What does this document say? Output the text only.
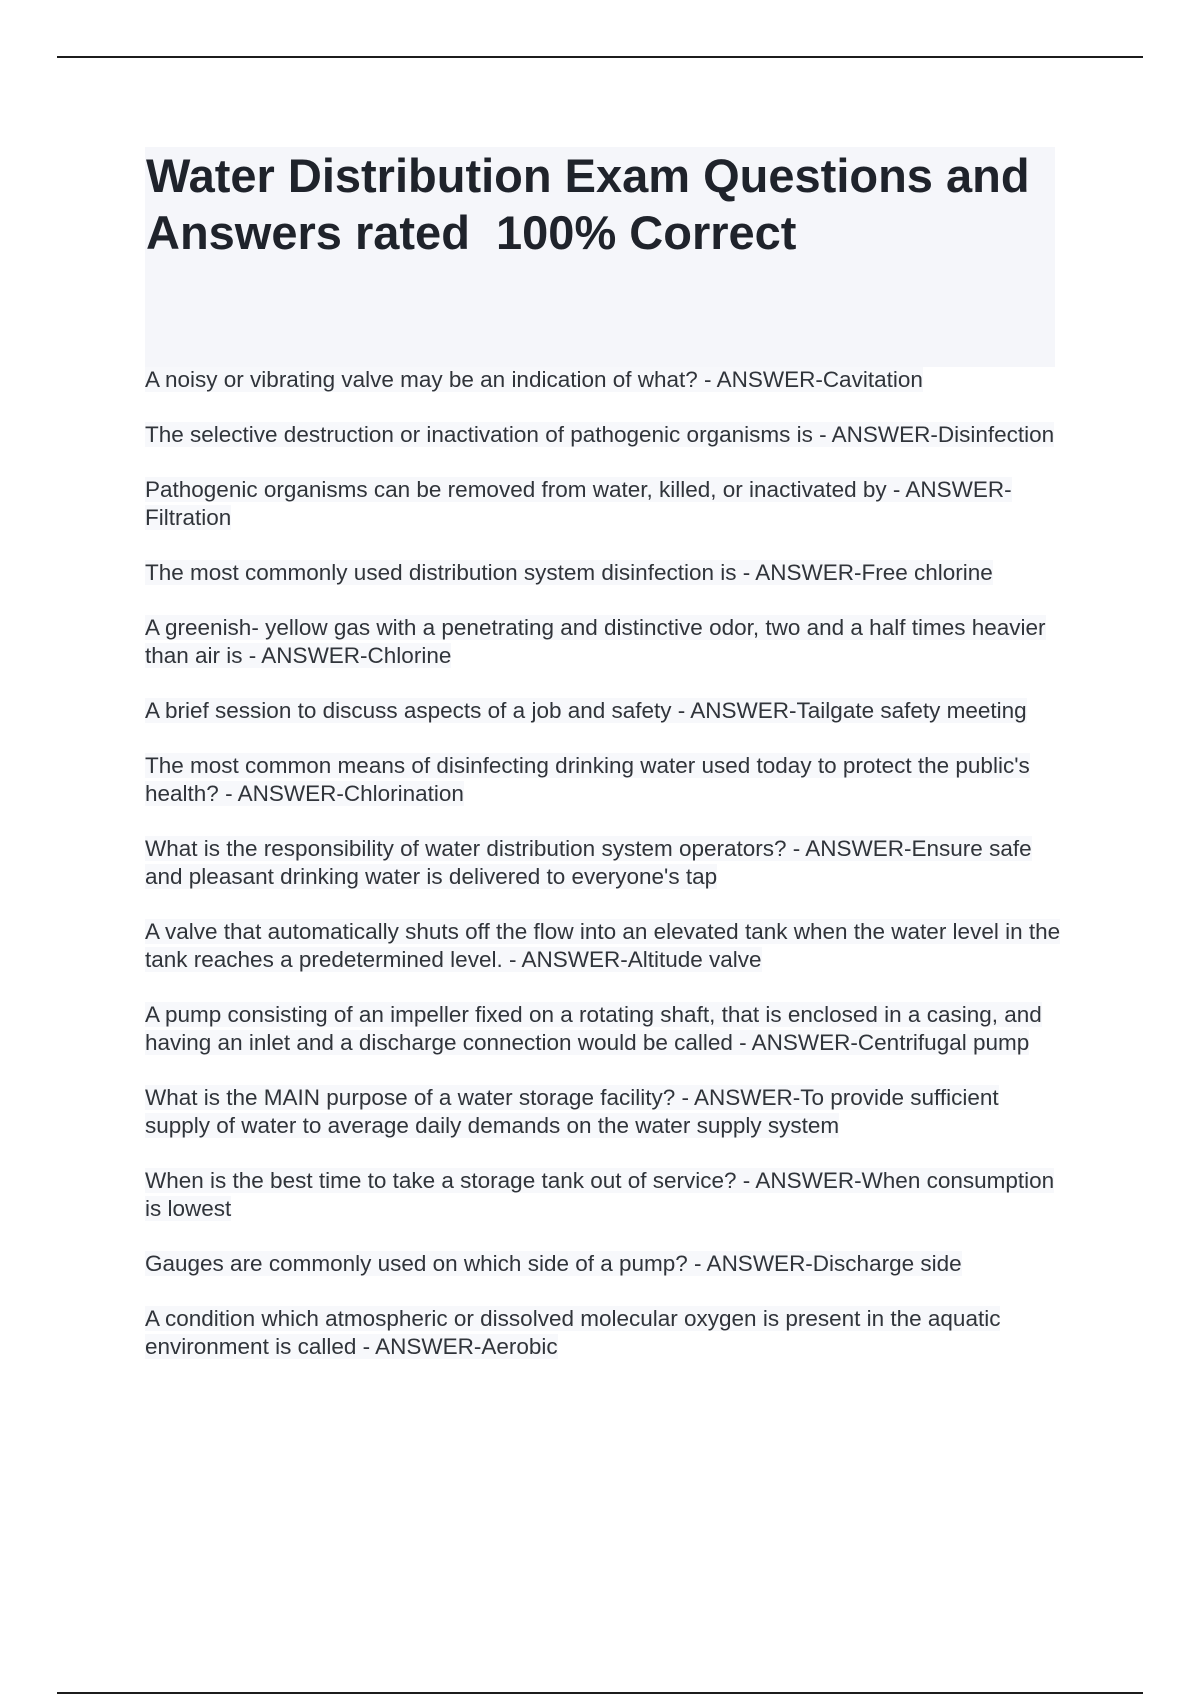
Water Distribution Exam Questions and Answers rated  100% Correct
A noisy or vibrating valve may be an indication of what? - ANSWER-Cavitation
The selective destruction or inactivation of pathogenic organisms is - ANSWER-Disinfection
Pathogenic organisms can be removed from water, killed, or inactivated by - ANSWER-Filtration
The most commonly used distribution system disinfection is - ANSWER-Free chlorine
A greenish- yellow gas with a penetrating and distinctive odor, two and a half times heavier than air is - ANSWER-Chlorine
A brief session to discuss aspects of a job and safety - ANSWER-Tailgate safety meeting
The most common means of disinfecting drinking water used today to protect the public's health? - ANSWER-Chlorination
What is the responsibility of water distribution system operators? - ANSWER-Ensure safe and pleasant drinking water is delivered to everyone's tap
A valve that automatically shuts off the flow into an elevated tank when the water level in the tank reaches a predetermined level. - ANSWER-Altitude valve
A pump consisting of an impeller fixed on a rotating shaft, that is enclosed in a casing, and having an inlet and a discharge connection would be called - ANSWER-Centrifugal pump
What is the MAIN purpose of a water storage facility? - ANSWER-To provide sufficient supply of water to average daily demands on the water supply system
When is the best time to take a storage tank out of service? - ANSWER-When consumption is lowest
Gauges are commonly used on which side of a pump? - ANSWER-Discharge side
A condition which atmospheric or dissolved molecular oxygen is present in the aquatic environment is called - ANSWER-Aerobic
